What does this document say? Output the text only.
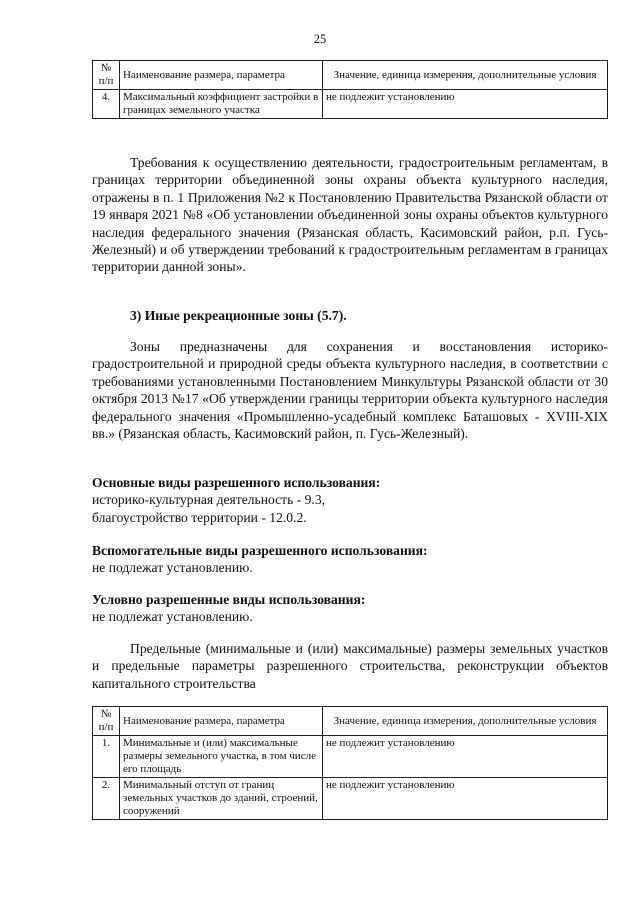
25
№ п/п	Наименование размера, параметра	Значение, единица измерения, дополнительные условия
4.	Максимальный коэффициент застройки в границах земельного участка	не подлежит установлению
Требования к осуществлению деятельности, градостроительным регламентам, в границах территории объединенной зоны охраны объекта культурного наследия, отражены в п. 1 Приложения №2 к Постановлению Правительства Рязанской области от 19 января 2021 №8 «Об установлении объединенной зоны охраны объектов культурного наследия федерального значения (Рязанская область, Касимовский район, р.п. Гусь-Железный) и об утверждении требований к градостроительным регламентам в границах территории данной зоны».
3) Иные рекреационные зоны (5.7).
Зоны предназначены для сохранения и восстановления историко-градостроительной и природной среды объекта культурного наследия, в соответствии с требованиями установленными Постановлением Минкультуры Рязанской области от 30 октября 2013 №17 «Об утверждении границы территории объекта культурного наследия федерального значения «Промышленно-усадебный комплекс Баташовых - XVIII-XIX вв.» (Рязанская область, Касимовский район, п. Гусь-Железный).
Основные виды разрешенного использования:
историко-культурная деятельность - 9.3,
благоустройство территории - 12.0.2.
Вспомогательные виды разрешенного использования:
не подлежат установлению.
Условно разрешенные виды использования:
не подлежат установлению.
Предельные (минимальные и (или) максимальные) размеры земельных участков и предельные параметры разрешенного строительства, реконструкции объектов капитального строительства
№ п/п	Наименование размера, параметра	Значение, единица измерения, дополнительные условия
1.	Минимальные и (или) максимальные размеры земельного участка, в том числе его площадь	не подлежит установлению
2.	Минимальный отступ от границ земельных участков до зданий, строений, сооружений	не подлежит установлению
